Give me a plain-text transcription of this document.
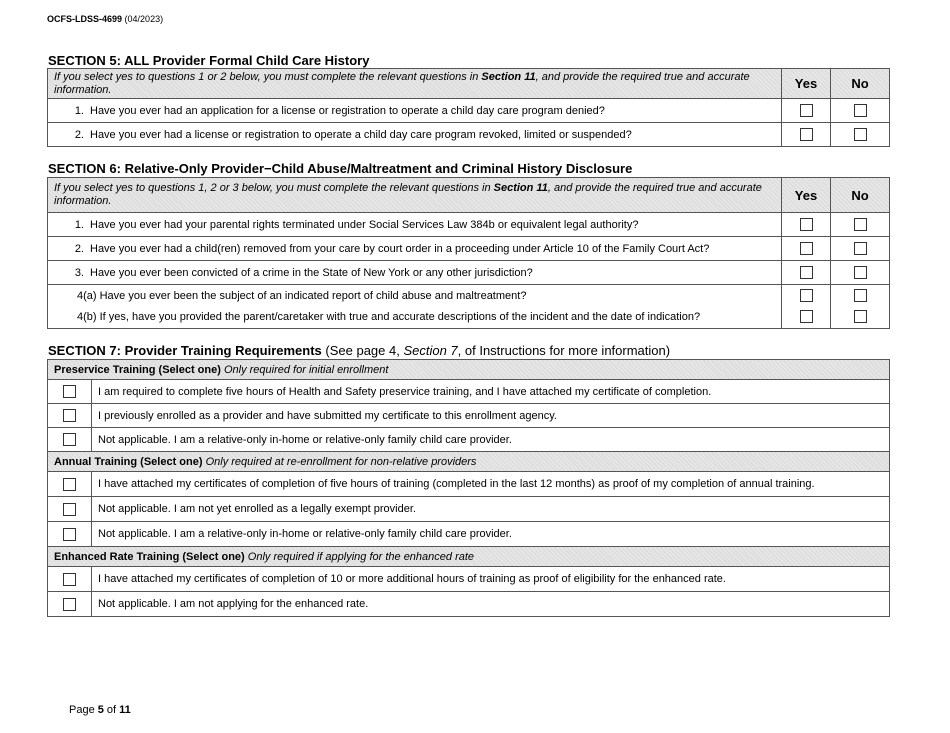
OCFS-LDSS-4699 (04/2023)
SECTION 5: ALL Provider Formal Child Care History
If you select yes to questions 1 or 2 below, you must complete the relevant questions in Section 11, and provide the required true and accurate information.	Yes	No
1. Have you ever had an application for a license or registration to operate a child day care program denied?		
2. Have you ever had a license or registration to operate a child day care program revoked, limited or suspended?		
SECTION 6: Relative-Only Provider−Child Abuse/Maltreatment and Criminal History Disclosure
If you select yes to questions 1, 2 or 3 below, you must complete the relevant questions in Section 11, and provide the required true and accurate information.	Yes	No
1. Have you ever had your parental rights terminated under Social Services Law 384b or equivalent legal authority?		
2. Have you ever had a child(ren) removed from your care by court order in a proceeding under Article 10 of the Family Court Act?		
3. Have you ever been convicted of a crime in the State of New York or any other jurisdiction?		

4(a) Have you ever been the subject of an indicated report of child abuse and maltreatment?
4(b) If yes, have you provided the parent/caretaker with true and accurate descriptions of the incident and the date of indication?		

SECTION 7: Provider Training Requirements (See page 4, Section 7, of Instructions for more information)
Preservice Training (Select one) Only required for initial enrollment	
	I am required to complete five hours of Health and Safety preservice training, and I have attached my certificate of completion.
	I previously enrolled as a provider and have submitted my certificate to this enrollment agency.
	Not applicable. I am a relative-only in-home or relative-only family child care provider.
Annual Training (Select one) Only required at re-enrollment for non-relative providers	
	I have attached my certificates of completion of five hours of training (completed in the last 12 months) as proof of my completion of annual training.
	Not applicable. I am not yet enrolled as a legally exempt provider.
	Not applicable. I am a relative-only in-home or relative-only family child care provider.
Enhanced Rate Training (Select one) Only required if applying for the enhanced rate	
	I have attached my certificates of completion of 10 or more additional hours of training as proof of eligibility for the enhanced rate.
	Not applicable. I am not applying for the enhanced rate.
Page 5 of 11
